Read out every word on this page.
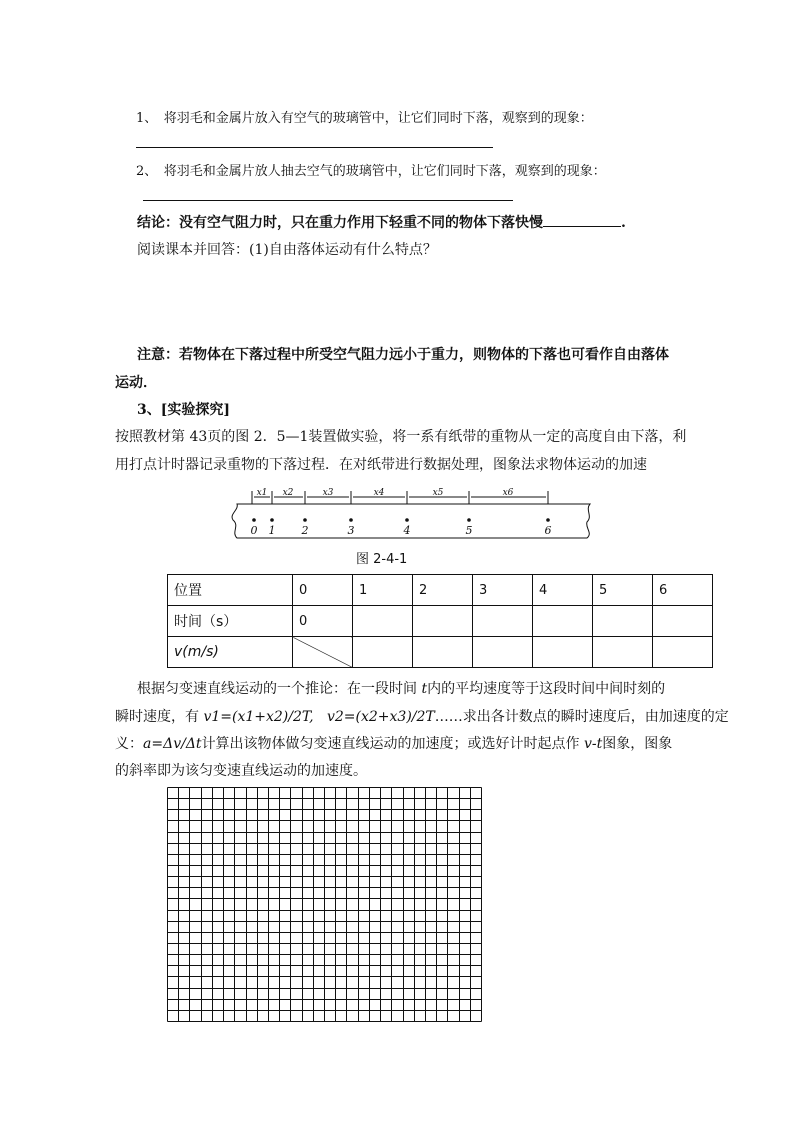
1、　将羽毛和金属片放入有空气的玻璃管中，让它们同时下落，观察到的现象：
2、　将羽毛和金属片放人抽去空气的玻璃管中，让它们同时下落，观察到的现象：
结论：没有空气阻力时，只在重力作用下轻重不同的物体下落快慢	.
阅读课本并回答：(1)自由落体运动有什么特点？
注意：若物体在下落过程中所受空气阻力远小于重力，则物体的下落也可看作自由落体
运动．
3、[实验探究]
按照教材第 43页的图 2．5—1装置做实验，将一系有纸带的重物从一定的高度自由下落，利
用打点计时器记录重物的下落过程．在对纸带进行数据处理，图象法求物体运动的加速
x1 x2	x3	x4	x5	x6
0 1 2	3	4	5	6
图 2-4-1
位置	0	1	2	3	4	5	6
时间（s）	0						
v(m/s)							
根据匀变速直线运动的一个推论：在一段时间 t内的平均速度等于这段时间中间时刻的
瞬时速度，有 v1=(x1+x2)/2T, v2=(x2+x3)/2T……求出各计数点的瞬时速度后，由加速度的定
义：a=Δv/Δt计算出该物体做匀变速直线运动的加速度；或选好计时起点作 v-t图象，图象
的斜率即为该匀变速直线运动的加速度。
